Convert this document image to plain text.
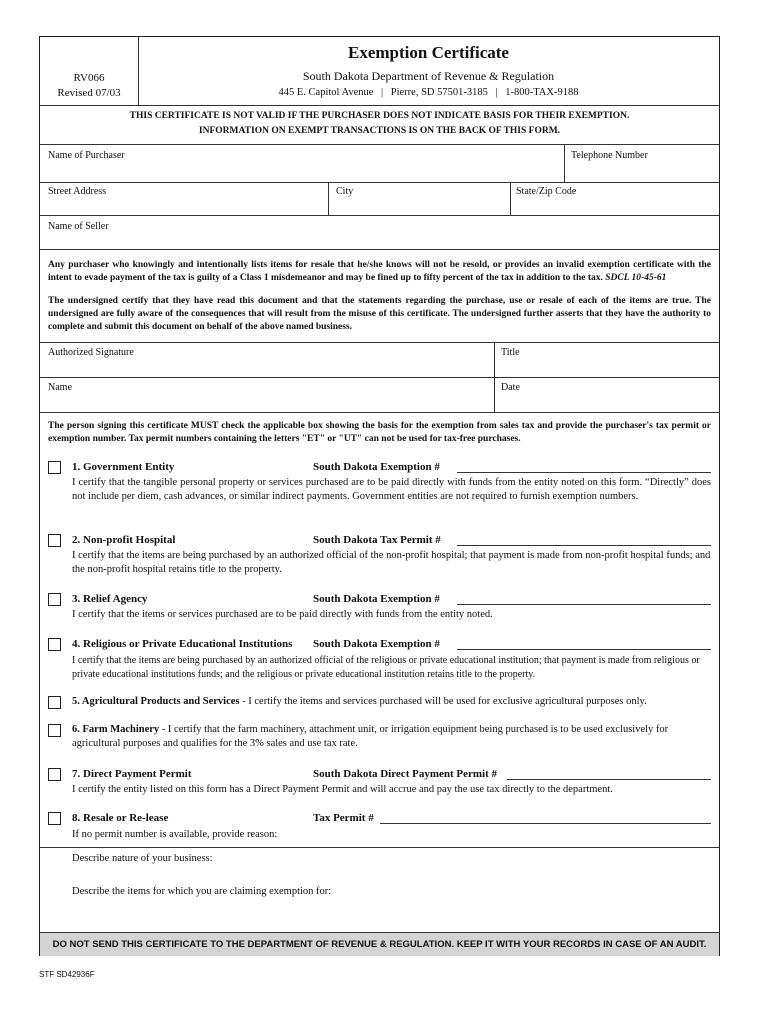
RV066
Revised 07/03
Exemption Certificate
South Dakota Department of Revenue & Regulation
445 E. Capitol Avenue | Pierre, SD 57501-3185 | 1-800-TAX-9188
THIS CERTIFICATE IS NOT VALID IF THE PURCHASER DOES NOT INDICATE BASIS FOR THEIR EXEMPTION.
INFORMATION ON EXEMPT TRANSACTIONS IS ON THE BACK OF THIS FORM.
Name of Purchaser	Telephone Number
Street Address	City	State/Zip Code
Name of Seller
Any purchaser who knowingly and intentionally lists items for resale that he/she knows will not be resold, or provides an invalid exemption certificate with the intent to evade payment of the tax is guilty of a Class 1 misdemeanor and may be fined up to fifty percent of the tax in addition to the tax. SDCL 10-45-61
The undersigned certify that they have read this document and that the statements regarding the purchase, use or resale of each of the items are true. The undersigned are fully aware of the consequences that will result from the misuse of this certificate. The undersigned further asserts that they have the authority to complete and submit this document on behalf of the above named business.
Authorized Signature	Title
Name	Date
The person signing this certificate MUST check the applicable box showing the basis for the exemption from sales tax and provide the purchaser's tax permit or exemption number. Tax permit numbers containing the letters "ET" or "UT" can not be used for tax-free purchases.
1. Government Entity	South Dakota Exemption #
I certify that the tangible personal property or services purchased are to be paid directly with funds from the entity noted on this form. “Directly” does not include per diem, cash advances, or similar indirect payments. Government entities are not required to furnish exemption numbers.
2. Non-profit Hospital	South Dakota Tax Permit #
I certify that the items are being purchased by an authorized official of the non-profit hospital; that payment is made from non-profit hospital funds; and the non-profit hospital retains title to the property.
3. Relief Agency	South Dakota Exemption #
I certify that the items or services purchased are to be paid directly with funds from the entity noted.
4. Religious or Private Educational Institutions South Dakota Exemption #
I certify that the items are being purchased by an authorized official of the religious or private educational institution; that payment is made from religious or private educational institutions funds; and the religious or private educational institution retains title to the property.
5. Agricultural Products and Services - I certify the items and services purchased will be used for exclusive agricultural purposes only.
6. Farm Machinery - I certify that the farm machinery, attachment unit, or irrigation equipment being purchased is to be used exclusively for agricultural purposes and qualifies for the 3% sales and use tax rate.
7. Direct Payment Permit	South Dakota Direct Payment Permit #
I certify the entity listed on this form has a Direct Payment Permit and will accrue and pay the use tax directly to the department.
8. Resale or Re-lease	Tax Permit #
If no permit number is available, provide reason:
Describe nature of your business:
Describe the items for which you are claiming exemption for:
DO NOT SEND THIS CERTIFICATE TO THE DEPARTMENT OF REVENUE & REGULATION. KEEP IT WITH YOUR RECORDS IN CASE OF AN AUDIT.
STF SD42936F
